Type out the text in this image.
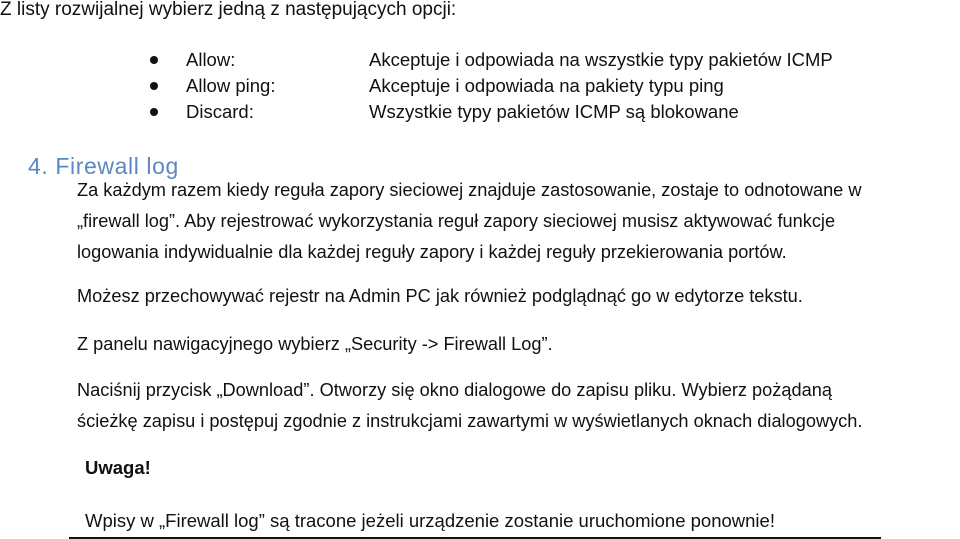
Z listy rozwijalnej wybierz jedną z następujących opcji:
Allow:	Akceptuje i odpowiada na wszystkie typy pakietów ICMP
Allow ping:	Akceptuje i odpowiada na pakiety typu ping
Discard:	Wszystkie typy pakietów ICMP są blokowane
4. Firewall log
Za każdym razem kiedy reguła zapory sieciowej znajduje zastosowanie, zostaje to odnotowane w
„firewall log”. Aby rejestrować wykorzystania reguł zapory sieciowej musisz aktywować funkcje
logowania indywidualnie dla każdej reguły zapory i każdej reguły przekierowania portów.
Możesz przechowywać rejestr na Admin PC jak również podglądnąć go w edytorze tekstu.
Z panelu nawigacyjnego wybierz „Security -> Firewall Log”.
Naciśnij przycisk „Download”. Otworzy się okno dialogowe do zapisu pliku. Wybierz pożądaną
ścieżkę zapisu i postępuj zgodnie z instrukcjami zawartymi w wyświetlanych oknach dialogowych.
Uwaga!
Wpisy w „Firewall log” są tracone jeżeli urządzenie zostanie uruchomione ponownie!
